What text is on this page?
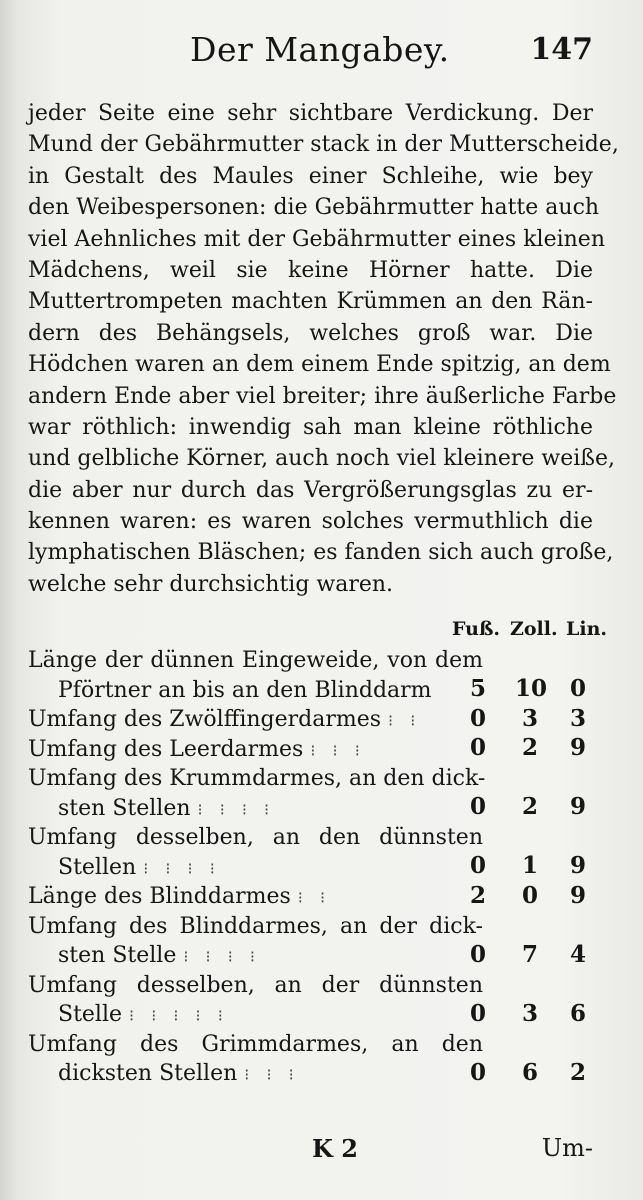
Der Mangabey.	147
jeder Seite eine sehr sichtbare Verdickung. Der
Mund der Gebährmutter stack in der Mutterscheide,
in Gestalt des Maules einer Schleihe, wie bey
den Weibespersonen: die Gebährmutter hatte auch
viel Aehnliches mit der Gebährmutter eines kleinen
Mädchens, weil sie keine Hörner hatte. Die
Muttertrompeten machten Krümmen an den Rän-
dern des Behängsels, welches groß war. Die
Hödchen waren an dem einem Ende spitzig, an dem
andern Ende aber viel breiter; ihre äußerliche Farbe
war röthlich: inwendig sah man kleine röthliche
und gelbliche Körner, auch noch viel kleinere weiße,
die aber nur durch das Vergrößerungsglas zu er-
kennen waren: es waren solches vermuthlich die
lymphatischen Bläschen; es fanden sich auch große,
welche sehr durchsichtig waren.
Fuß. Zoll. Lin.
Länge der dünnen Eingeweide, von dem
Pförtner an bis an den Blinddarm	5	10 0
Umfang des Zwölffingerdarmes ⁝ ⁝	0	3	3
Umfang des Leerdarmes ⁝ ⁝ ⁝	0	2	9
Umfang des Krummdarmes, an den dick-
sten Stellen ⁝ ⁝ ⁝ ⁝	0	2	9
Umfang desselben, an den dünnsten
Stellen ⁝ ⁝ ⁝ ⁝	0	1	9
Länge des Blinddarmes ⁝ ⁝	2	0	9
Umfang des Blinddarmes, an der dick-
sten Stelle ⁝ ⁝ ⁝ ⁝	0	7	4
Umfang desselben, an der dünnsten
Stelle ⁝ ⁝ ⁝ ⁝ ⁝	0	3	6
Umfang des Grimmdarmes, an den
dicksten Stellen ⁝ ⁝ ⁝	0	6	2
K 2	Um-
